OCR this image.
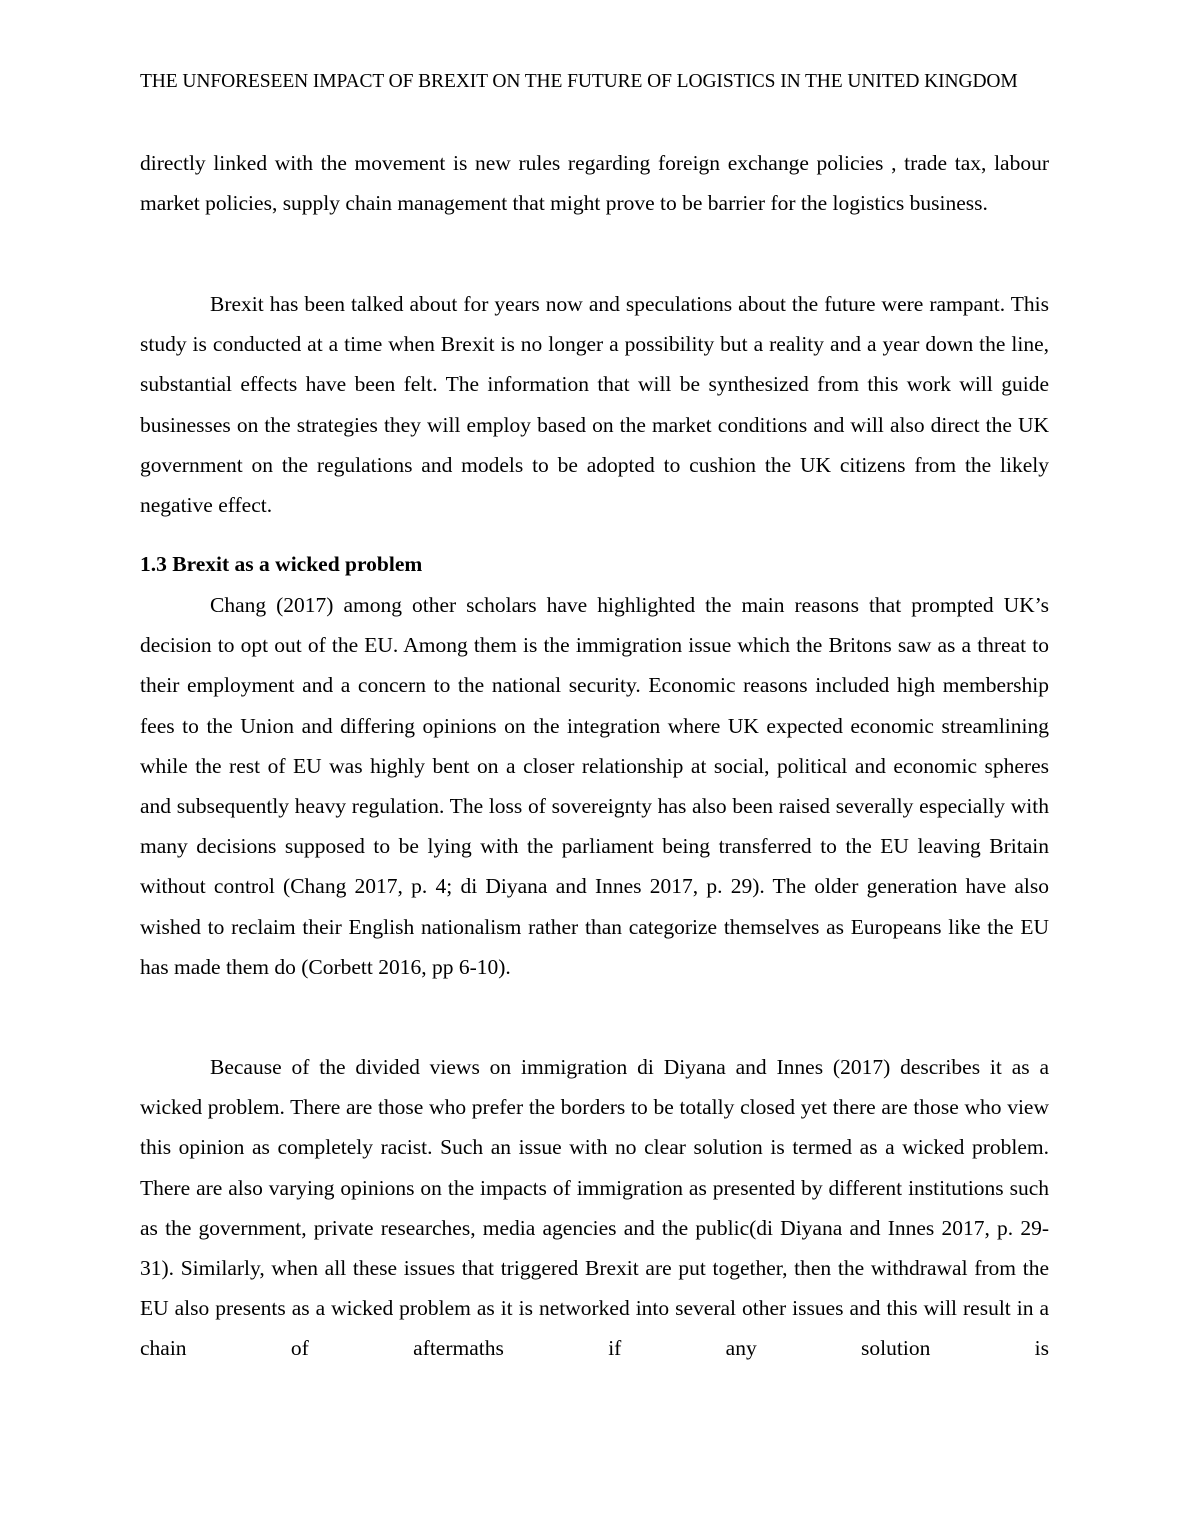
THE UNFORESEEN IMPACT OF BREXIT ON THE FUTURE OF LOGISTICS IN THE UNITED KINGDOM

directly linked with the movement is new rules regarding foreign exchange policies , trade tax, labour market policies, supply chain management that might prove to be barrier for the logistics business.

Brexit has been talked about for years now and speculations about the future were rampant. This study is conducted at a time when Brexit is no longer a possibility but a reality and a year down the line, substantial effects have been felt. The information that will be synthesized from this work will guide businesses on the strategies they will employ based on the market conditions and will also direct the UK government on the regulations and models to be adopted to cushion the UK citizens from the likely negative effect.

1.3 Brexit as a wicked problem

Chang (2017) among other scholars have highlighted the main reasons that prompted UK’s decision to opt out of the EU. Among them is the immigration issue which the Britons saw as a threat to their employment and a concern to the national security. Economic reasons included high membership fees to the Union and differing opinions on the integration where UK expected economic streamlining while the rest of EU was highly bent on a closer relationship at social, political and economic spheres and subsequently heavy regulation. The loss of sovereignty has also been raised severally especially with many decisions supposed to be lying with the parliament being transferred to the EU leaving Britain without control (Chang 2017, p. 4; di Diyana and Innes 2017, p. 29). The older generation have also wished to reclaim their English nationalism rather than categorize themselves as Europeans like the EU has made them do (Corbett 2016, pp 6-10).

Because of the divided views on immigration di Diyana and Innes (2017) describes it as a wicked problem. There are those who prefer the borders to be totally closed yet there are those who view this opinion as completely racist. Such an issue with no clear solution is termed as a wicked problem. There are also varying opinions on the impacts of immigration as presented by different institutions such as the government, private researches, media agencies and the public(di Diyana and Innes 2017, p. 29-31). Similarly, when all these issues that triggered Brexit are put together, then the withdrawal from the EU also presents as a wicked problem as it is networked into several other issues and this will result in a chain of aftermaths if any solution is
